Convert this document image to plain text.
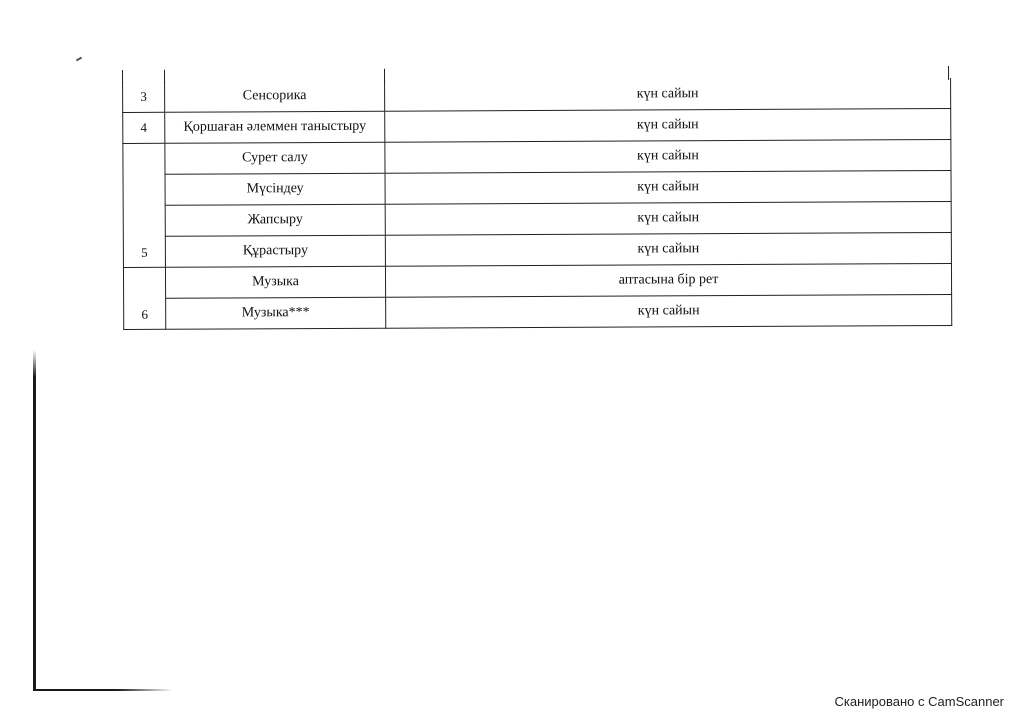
3	Сенсорика	күн сайын
4	Қоршаған әлеммен таныстыру	күн сайын
5	Сурет салу	күн сайын
	Мүсіндеу	күн сайын
	Жапсыру	күн сайын
	Құрастыру	күн сайын
6	Музыка	аптасына бір рет
	Музыка***	күн сайын
Сканировано с CamScanner
